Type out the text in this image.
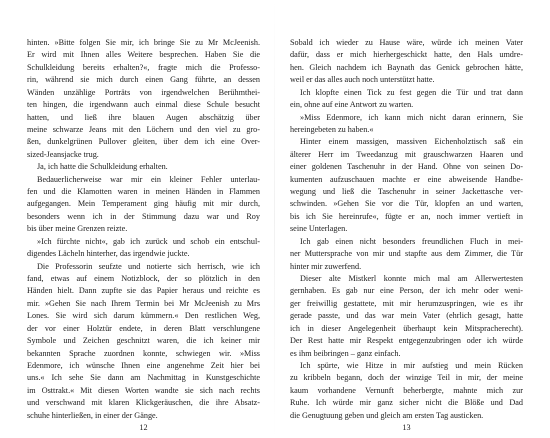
hinten. »Bitte folgen Sie mir, ich bringe Sie zu Mr McJeenish.
Er wird mit Ihnen alles Weitere besprechen. Haben Sie die
Schulkleidung bereits erhalten?«, fragte mich die Professo-
rin, während sie mich durch einen Gang führte, an dessen
Wänden unzählige Porträts von irgendwelchen Berühmthei-
ten hingen, die irgendwann auch einmal diese Schule besucht
hatten, und ließ ihre blauen Augen abschätzig über
meine schwarze Jeans mit den Löchern und den viel zu gro-
ßen, dunkelgrünen Pullover gleiten, über dem ich eine Over-
sized-Jeansjacke trug.
Ja, ich hatte die Schulkleidung erhalten.
Bedauerlicherweise war mir ein kleiner Fehler unterlau-
fen und die Klamotten waren in meinen Händen in Flammen
aufgegangen. Mein Temperament ging häufig mit mir durch,
besonders wenn ich in der Stimmung dazu war und Roy
bis über meine Grenzen reizte.
»Ich fürchte nicht«, gab ich zurück und schob ein entschul-
digendes Lächeln hinterher, das irgendwie juckte.
Die Professorin seufzte und notierte sich herrisch, wie ich
fand, etwas auf einem Notizblock, der so plötzlich in den
Händen hielt. Dann zupfte sie das Papier heraus und reichte es
mir. »Gehen Sie nach Ihrem Termin bei Mr McJeenish zu Mrs
Lones. Sie wird sich darum kümmern.« Den restlichen Weg,
der vor einer Holztür endete, in deren Blatt verschlungene
Symbole und Zeichen geschnitzt waren, die ich keiner mir
bekannten Sprache zuordnen konnte, schwiegen wir. »Miss
Edenmore, ich wünsche Ihnen eine angenehme Zeit hier bei
uns.« Ich sehe Sie dann am Nachmittag in Kunstgeschichte
im Osttrakt.« Mit diesen Worten wandte sie sich nach rechts
und verschwand mit klaren Klickgeräuschen, die ihre Absatz-
schuhe hinterließen, in einer der Gänge.
12
Sobald ich wieder zu Hause wäre, würde ich meinen Vater
dafür, dass er mich hierhergeschickt hatte, den Hals umdre-
hen. Gleich nachdem ich Baynath das Genick gebrochen hätte,
weil er das alles auch noch unterstützt hatte.
Ich klopfte einen Tick zu fest gegen die Tür und trat dann
ein, ohne auf eine Antwort zu warten.
»Miss Edenmore, ich kann mich nicht daran erinnern, Sie
hereingebeten zu haben.«
Hinter einem massigen, massiven Eichenholztisch saß ein
älterer Herr im Tweedanzug mit grauschwarzen Haaren und
einer goldenen Taschenuhr in der Hand. Ohne von seinen Do-
kumenten aufzuschauen machte er eine abweisende Handbe-
wegung und ließ die Taschenuhr in seiner Jackettasche ver-
schwinden. »Gehen Sie vor die Tür, klopfen an und warten,
bis ich Sie hereinrufe«, fügte er an, noch immer vertieft in
seine Unterlagen.
Ich gab einen nicht besonders freundlichen Fluch in mei-
ner Muttersprache von mir und stapfte aus dem Zimmer, die Tür
hinter mir zuwerfend.
Dieser alte Mistkerl konnte mich mal am Allerwertesten
gernhaben. Es gab nur eine Person, der ich mehr oder weni-
ger freiwillig gestattete, mit mir herumzuspringen, wie es ihr
gerade passte, und das war mein Vater (ehrlich gesagt, hatte
ich in dieser Angelegenheit überhaupt kein Mitspracherecht).
Der Rest hatte mir Respekt entgegenzubringen oder ich würde
es ihm beibringen – ganz einfach.
Ich spürte, wie Hitze in mir aufstieg und mein Rücken
zu kribbeln begann, doch der winzige Teil in mir, der meine
kaum vorhandene Vernunft beherbergte, mahnte mich zur
Ruhe. Ich würde mir ganz sicher nicht die Blöße und Dad
die Genugtuung geben und gleich am ersten Tag austicken.
13
